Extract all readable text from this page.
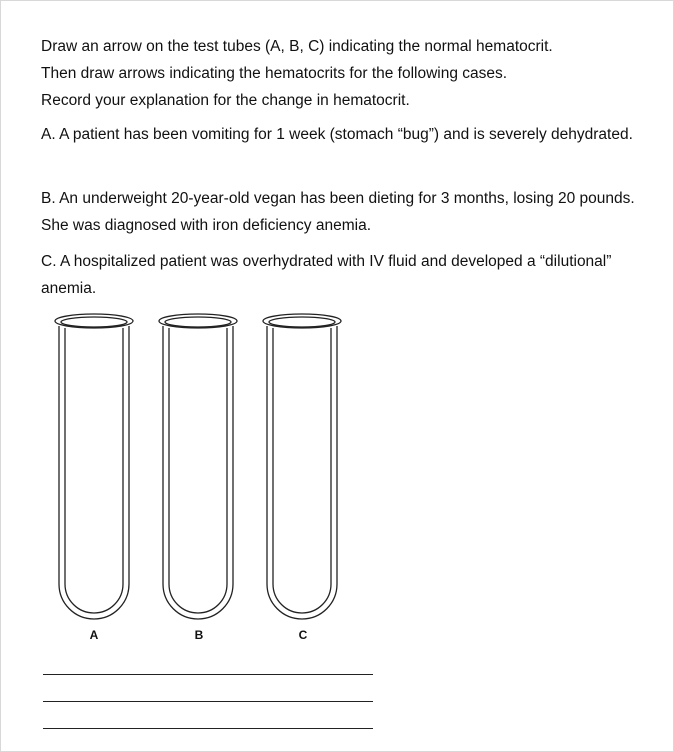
Draw an arrow on the test tubes (A, B, C) indicating the normal hematocrit.
Then draw arrows indicating the hematocrits for the following cases.
Record your explanation for the change in hematocrit.

A. A patient has been vomiting for 1 week (stomach “bug”) and is severely dehydrated.

B. An underweight 20-year-old vegan has been dieting for 3 months, losing 20 pounds. She was diagnosed with iron deficiency anemia.

C. A hospitalized patient was overhydrated with IV fluid and developed a “dilutional” anemia.

A	B	C
